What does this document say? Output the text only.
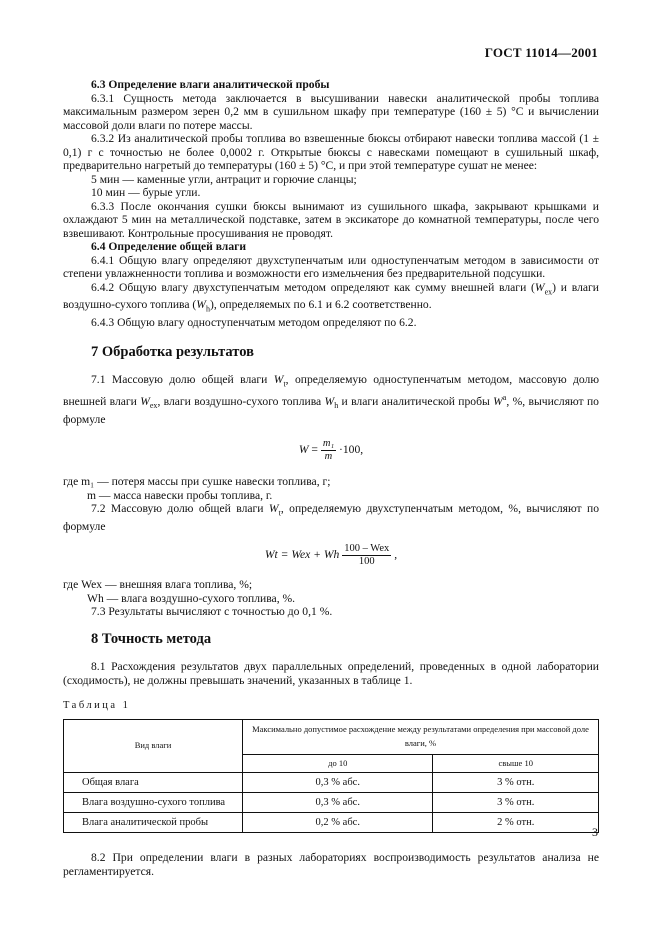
ГОСТ 11014—2001

6.3 Определение влаги аналитической пробы

6.3.1 Сущность метода заключается в высушивании навески аналитической пробы топлива максимальным размером зерен 0,2 мм в сушильном шкафу при температуре (160 ± 5) °С и вычислении массовой доли влаги по потере массы.

6.3.2 Из аналитической пробы топлива во взвешенные бюксы отбирают навески топлива массой (1 ± 0,1) г с точностью не более 0,0002 г. Открытые бюксы с навесками помещают в сушильный шкаф, предварительно нагретый до температуры (160 ± 5) °С, и при этой температуре сушат не менее:

5 мин — каменные угли, антрацит и горючие сланцы;

10 мин — бурые угли.

6.3.3 После окончания сушки бюксы вынимают из сушильного шкафа, закрывают крышками и охлаждают 5 мин на металлической подставке, затем в эксикаторе до комнатной температуры, после чего взвешивают. Контрольные просушивания не проводят.

6.4 Определение общей влаги

6.4.1 Общую влагу определяют двухступенчатым или одноступенчатым методом в зависимости от степени увлажненности топлива и возможности его измельчения без предварительной подсушки.

6.4.2 Общую влагу двухступенчатым методом определяют как сумму внешней влаги $(W_{ex})$ и влаги воздушно-сухого топлива $(W_h)$, определяемых по 6.1 и 6.2 соответственно.

6.4.3 Общую влагу одноступенчатым методом определяют по 6.2.

7 Обработка результатов

7.1 Массовую долю общей влаги $W_t$, определяемую одноступенчатым методом, массовую долю внешней влаги $W_{ex}$, влаги воздушно-сухого топлива $W_h$ и влаги аналитической пробы $W^a$, %, вычисляют по формуле

$W = \frac{\text{m₁}}{m} \cdot 100$,

где m₁ — потеря массы при сушке навески топлива, г;

m — масса навески пробы топлива, г.

7.2 Массовую долю общей влаги $W_t$, определяемую двухступенчатым методом, %, вычисляют по формуле

Wt = Wex + Wh $\frac{\text{100 – Wex}}{100}$ ,

где Wex — внешняя влага топлива, %;

Wh — влага воздушно-сухого топлива, %.

7.3 Результаты вычисляют с точностью до 0,1 %.

8 Точность метода

8.1 Расхождения результатов двух параллельных определений, проведенных в одной лаборатории (сходимость), не должны превышать значений, указанных в таблице 1.

Таблица 1

Вид влаги	Максимально допустимое расхождение между результатами определения при массовой доле влаги, %	
	до 10	свыше 10
Общая влага	0,3 % абс.	3 % отн.
Влага воздушно-сухого топлива	0,3 % абс.	3 % отн.
Влага аналитической пробы	0,2 % абс.	2 % отн.

8.2 При определении влаги в разных лабораториях воспроизводимость результатов анализа не регламентируется.

3
